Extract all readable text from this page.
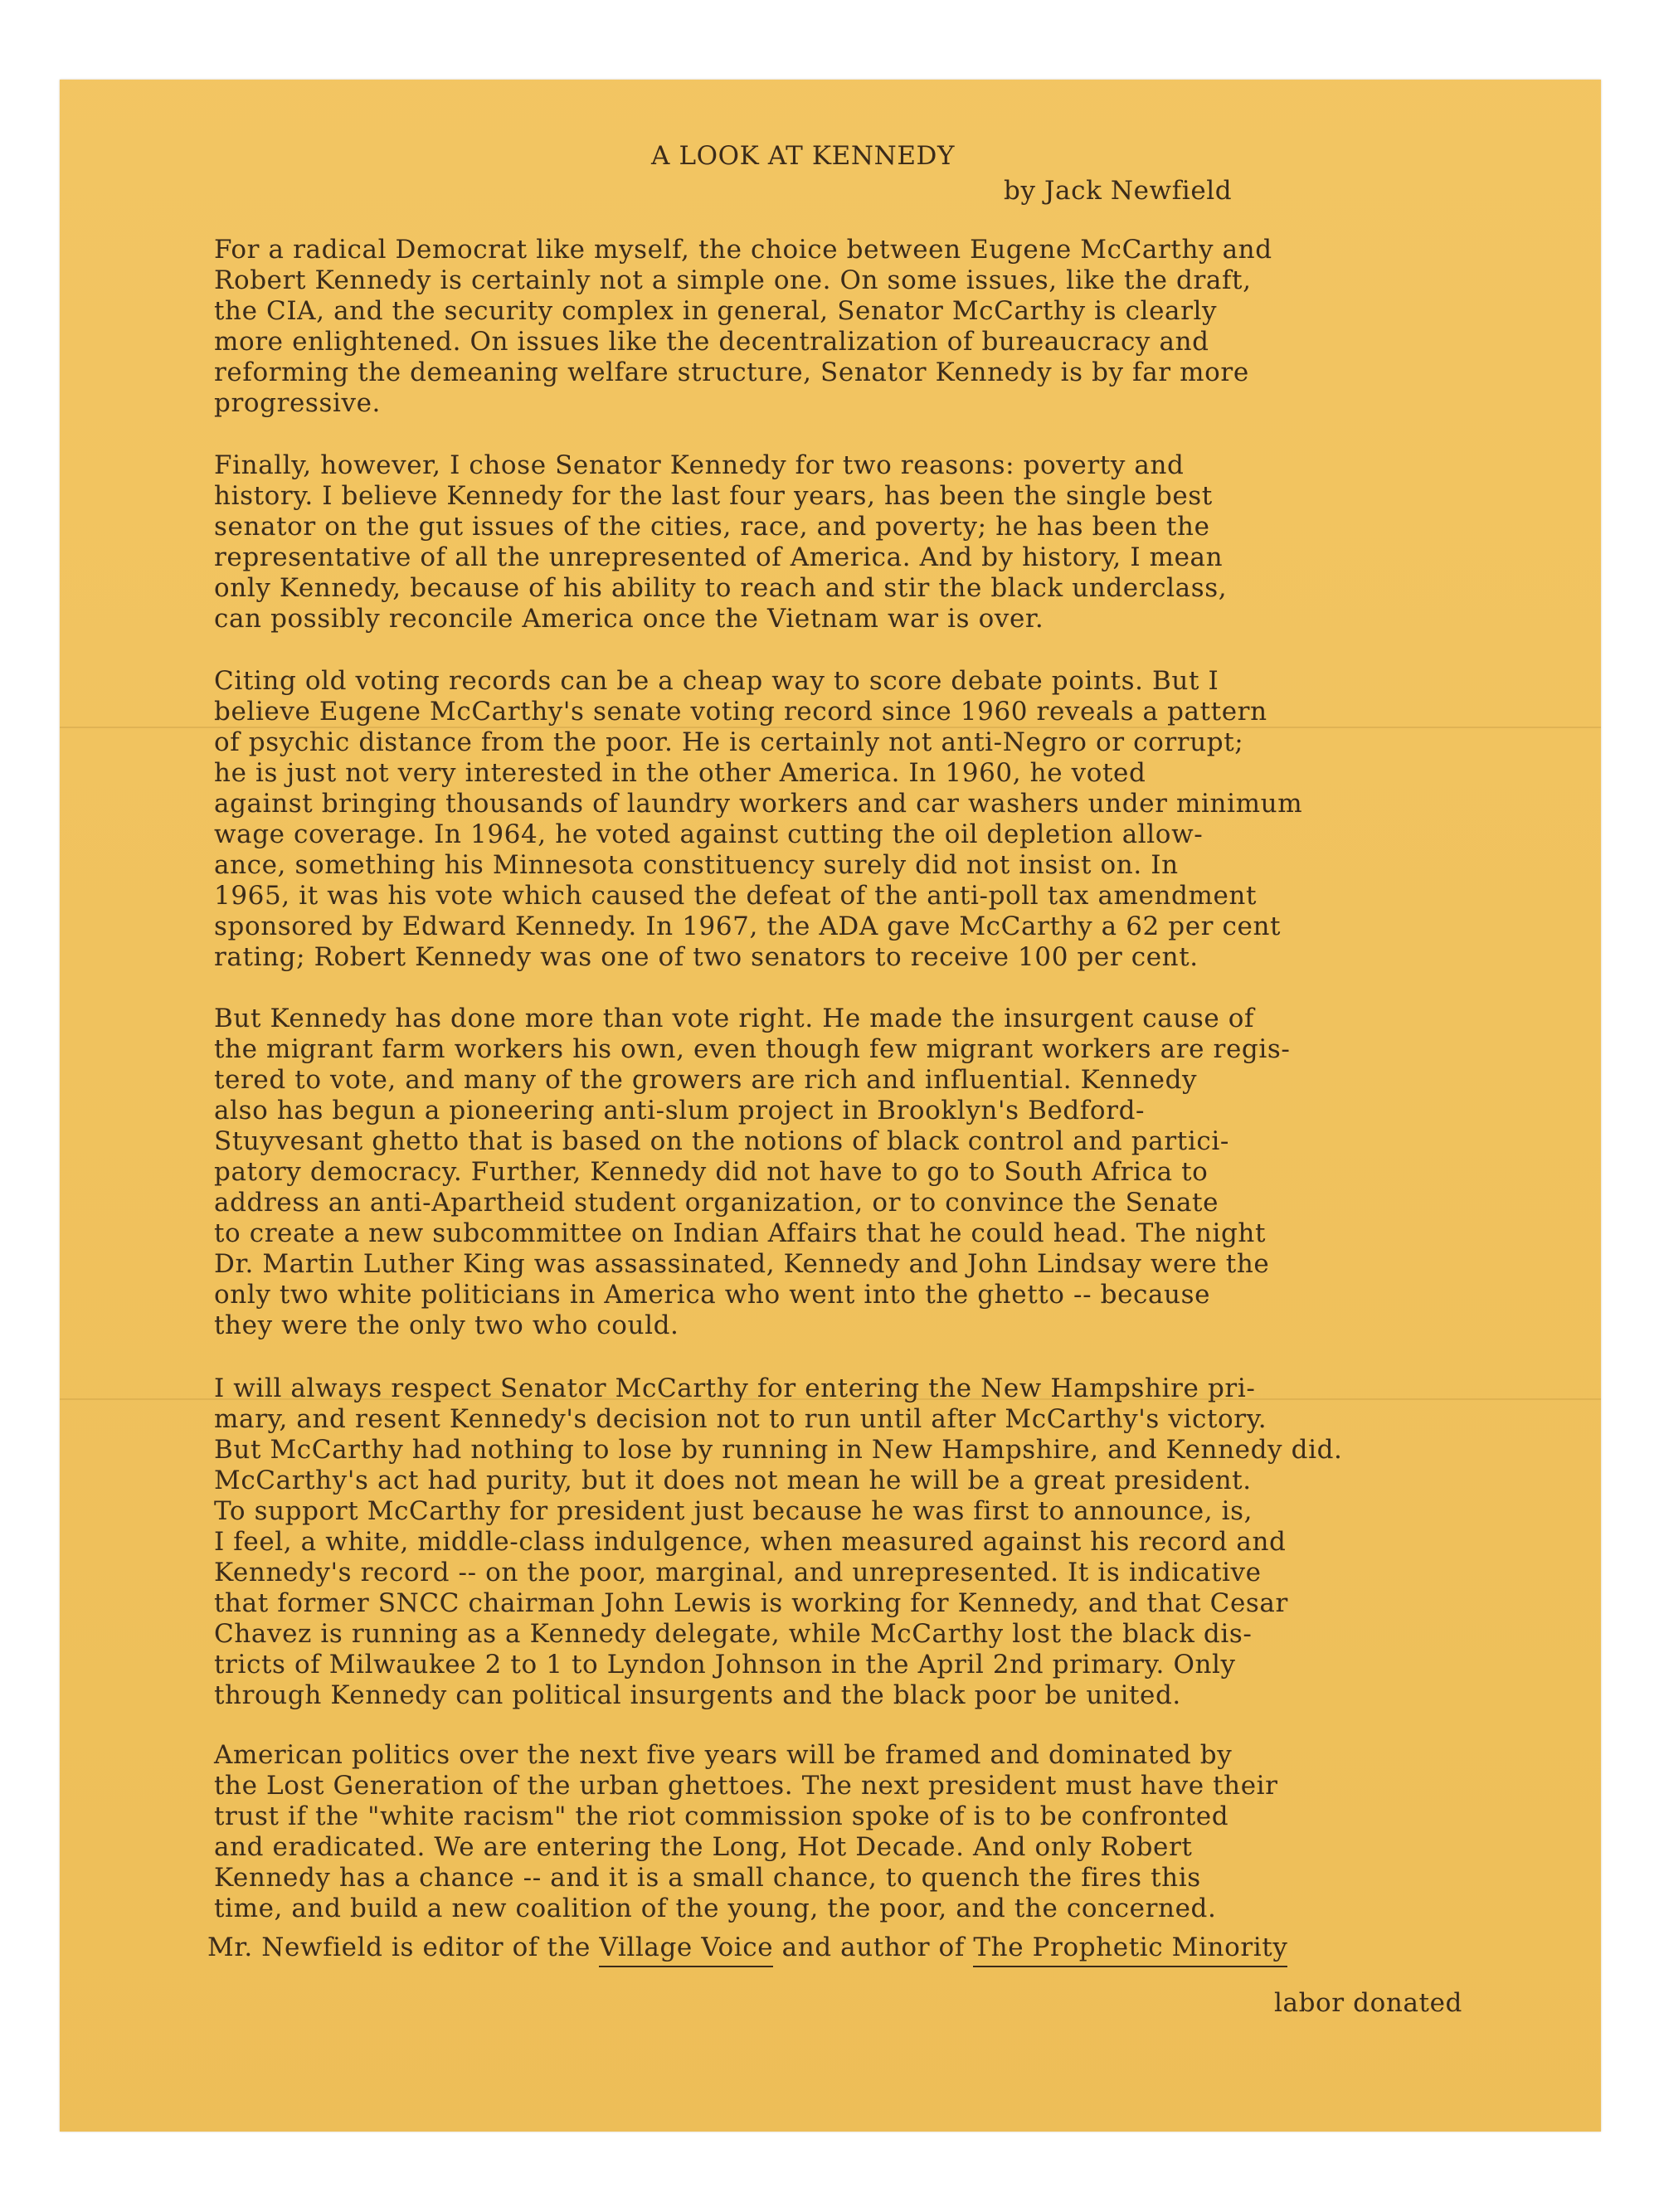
A LOOK AT KENNEDY

by Jack Newfield

For a radical Democrat like myself, the choice between Eugene McCarthy and
Robert Kennedy is certainly not a simple one. On some issues, like the draft,
the CIA, and the security complex in general, Senator McCarthy is clearly
more enlightened. On issues like the decentralization of bureaucracy and
reforming the demeaning welfare structure, Senator Kennedy is by far more
progressive.
Finally, however, I chose Senator Kennedy for two reasons: poverty and
history. I believe Kennedy for the last four years, has been the single best
senator on the gut issues of the cities, race, and poverty; he has been the
representative of all the unrepresented of America. And by history, I mean
only Kennedy, because of his ability to reach and stir the black underclass,
can possibly reconcile America once the Vietnam war is over.
Citing old voting records can be a cheap way to score debate points. But I
believe Eugene McCarthy's senate voting record since 1960 reveals a pattern
of psychic distance from the poor. He is certainly not anti-Negro or corrupt;
he is just not very interested in the other America. In 1960, he voted
against bringing thousands of laundry workers and car washers under minimum
wage coverage. In 1964, he voted against cutting the oil depletion allow-
ance, something his Minnesota constituency surely did not insist on. In
1965, it was his vote which caused the defeat of the anti-poll tax amendment
sponsored by Edward Kennedy. In 1967, the ADA gave McCarthy a 62 per cent
rating; Robert Kennedy was one of two senators to receive 100 per cent.
But Kennedy has done more than vote right. He made the insurgent cause of
the migrant farm workers his own, even though few migrant workers are regis-
tered to vote, and many of the growers are rich and influential. Kennedy
also has begun a pioneering anti-slum project in Brooklyn's Bedford-
Stuyvesant ghetto that is based on the notions of black control and partici-
patory democracy. Further, Kennedy did not have to go to South Africa to
address an anti-Apartheid student organization, or to convince the Senate
to create a new subcommittee on Indian Affairs that he could head. The night
Dr. Martin Luther King was assassinated, Kennedy and John Lindsay were the
only two white politicians in America who went into the ghetto -- because
they were the only two who could.
I will always respect Senator McCarthy for entering the New Hampshire pri-
mary, and resent Kennedy's decision not to run until after McCarthy's victory.
But McCarthy had nothing to lose by running in New Hampshire, and Kennedy did.
McCarthy's act had purity, but it does not mean he will be a great president.
To support McCarthy for president just because he was first to announce, is,
I feel, a white, middle-class indulgence, when measured against his record and
Kennedy's record -- on the poor, marginal, and unrepresented. It is indicative
that former SNCC chairman John Lewis is working for Kennedy, and that Cesar
Chavez is running as a Kennedy delegate, while McCarthy lost the black dis-
tricts of Milwaukee 2 to 1 to Lyndon Johnson in the April 2nd primary. Only
through Kennedy can political insurgents and the black poor be united.
American politics over the next five years will be framed and dominated by
the Lost Generation of the urban ghettoes. The next president must have their
trust if the "white racism" the riot commission spoke of is to be confronted
and eradicated. We are entering the Long, Hot Decade. And only Robert
Kennedy has a chance -- and it is a small chance, to quench the fires this
time, and build a new coalition of the young, the poor, and the concerned.

Mr. Newfield is editor of the Village Voice and author of The Prophetic Minority

labor donated
